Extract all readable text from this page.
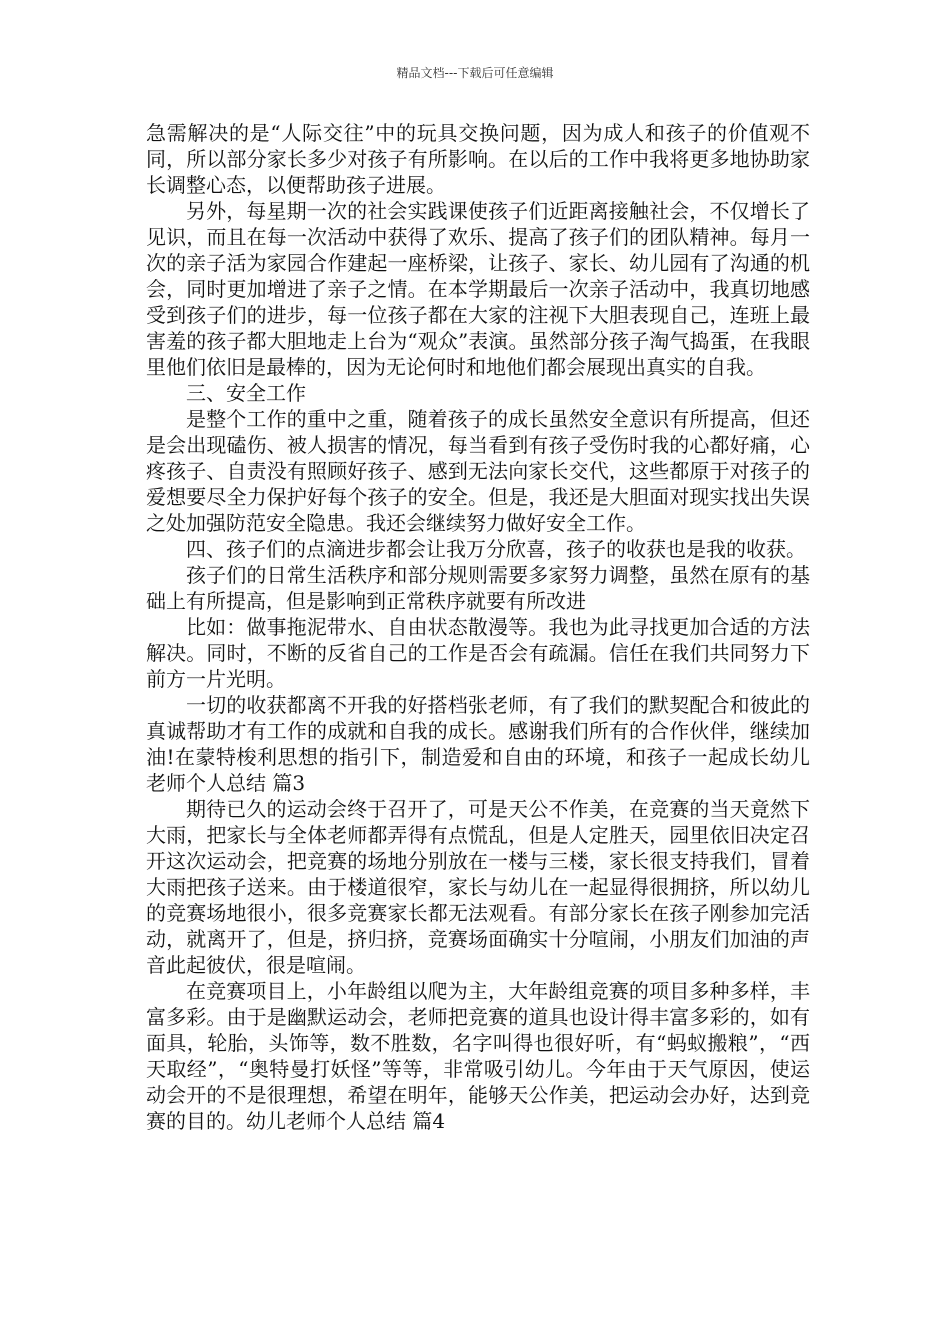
精品文档---下载后可任意编辑

急需解决的是“人际交往”中的玩具交换问题，因为成人和孩子的价值观不同，所以部分家长多少对孩子有所影响。在以后的工作中我将更多地协助家长调整心态，以便帮助孩子进展。

另外，每星期一次的社会实践课使孩子们近距离接触社会，不仅增长了见识，而且在每一次活动中获得了欢乐、提高了孩子们的团队精神。每月一次的亲子活为家园合作建起一座桥梁，让孩子、家长、幼儿园有了沟通的机会，同时更加增进了亲子之情。在本学期最后一次亲子活动中，我真切地感受到孩子们的进步，每一位孩子都在大家的注视下大胆表现自己，连班上最害羞的孩子都大胆地走上台为“观众”表演。虽然部分孩子淘气捣蛋，在我眼里他们依旧是最棒的，因为无论何时和地他们都会展现出真实的自我。

三、安全工作

是整个工作的重中之重，随着孩子的成长虽然安全意识有所提高，但还是会出现磕伤、被人损害的情况，每当看到有孩子受伤时我的心都好痛，心疼孩子、自责没有照顾好孩子、感到无法向家长交代，这些都原于对孩子的爱想要尽全力保护好每个孩子的安全。但是，我还是大胆面对现实找出失误之处加强防范安全隐患。我还会继续努力做好安全工作。

四、孩子们的点滴进步都会让我万分欣喜，孩子的收获也是我的收获。

孩子们的日常生活秩序和部分规则需要多家努力调整，虽然在原有的基础上有所提高，但是影响到正常秩序就要有所改进

比如：做事拖泥带水、自由状态散漫等。我也为此寻找更加合适的方法解决。同时，不断的反省自己的工作是否会有疏漏。信任在我们共同努力下前方一片光明。

一切的收获都离不开我的好搭档张老师，有了我们的默契配合和彼此的真诚帮助才有工作的成就和自我的成长。感谢我们所有的合作伙伴，继续加油!在蒙特梭利思想的指引下，制造爱和自由的环境，和孩子一起成长幼儿老师个人总结 篇3

期待已久的运动会终于召开了，可是天公不作美，在竞赛的当天竟然下大雨，把家长与全体老师都弄得有点慌乱，但是人定胜天，园里依旧决定召开这次运动会，把竞赛的场地分别放在一楼与三楼，家长很支持我们，冒着大雨把孩子送来。由于楼道很窄，家长与幼儿在一起显得很拥挤，所以幼儿的竞赛场地很小，很多竞赛家长都无法观看。有部分家长在孩子刚参加完活动，就离开了，但是，挤归挤，竞赛场面确实十分喧闹，小朋友们加油的声音此起彼伏，很是喧闹。

在竞赛项目上，小年龄组以爬为主，大年龄组竞赛的项目多种多样，丰富多彩。由于是幽默运动会，老师把竞赛的道具也设计得丰富多彩的，如有面具，轮胎，头饰等，数不胜数，名字叫得也很好听，有“蚂蚁搬粮”，“西天取经”，“奥特曼打妖怪”等等，非常吸引幼儿。今年由于天气原因，使运动会开的不是很理想，希望在明年，能够天公作美，把运动会办好，达到竞赛的目的。幼儿老师个人总结 篇4
